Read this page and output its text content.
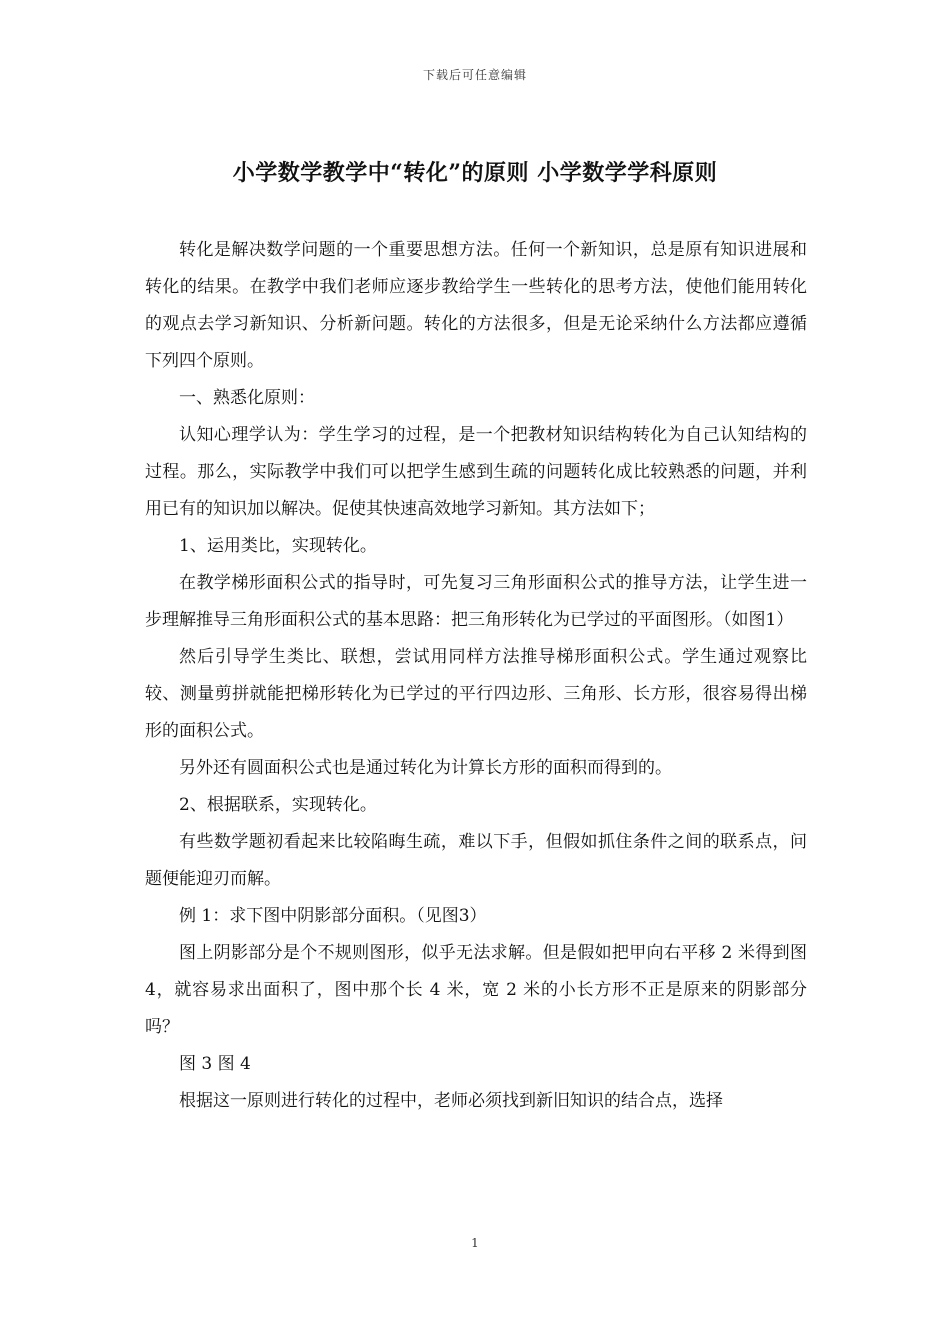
下载后可任意编辑
小学数学教学中“转化”的原则 小学数学学科原则

转化是解决数学问题的一个重要思想方法。任何一个新知识，总是原有知识进展和转化的结果。在教学中我们老师应逐步教给学生一些转化的思考方法，使他们能用转化的观点去学习新知识、分析新问题。转化的方法很多，但是无论采纳什么方法都应遵循下列四个原则。

一、熟悉化原则：

认知心理学认为：学生学习的过程，是一个把教材知识结构转化为自己认知结构的过程。那么，实际教学中我们可以把学生感到生疏的问题转化成比较熟悉的问题，并利用已有的知识加以解决。促使其快速高效地学习新知。其方法如下；

1、运用类比，实现转化。

在教学梯形面积公式的指导时，可先复习三角形面积公式的推导方法，让学生进一步理解推导三角形面积公式的基本思路：把三角形转化为已学过的平面图形。（如图1）

然后引导学生类比、联想，尝试用同样方法推导梯形面积公式。学生通过观察比较、测量剪拼就能把梯形转化为已学过的平行四边形、三角形、长方形，很容易得出梯形的面积公式。

另外还有圆面积公式也是通过转化为计算长方形的面积而得到的。

2、根据联系，实现转化。

有些数学题初看起来比较陷晦生疏，难以下手，但假如抓住条件之间的联系点，问题便能迎刃而解。

例 1：求下图中阴影部分面积。（见图3）

图上阴影部分是个不规则图形，似乎无法求解。但是假如把甲向右平移 2 米得到图 4，就容易求出面积了，图中那个长 4 米，宽 2 米的小长方形不正是原来的阴影部分吗？

图 3 图 4

根据这一原则进行转化的过程中，老师必须找到新旧知识的结合点，选择

1
